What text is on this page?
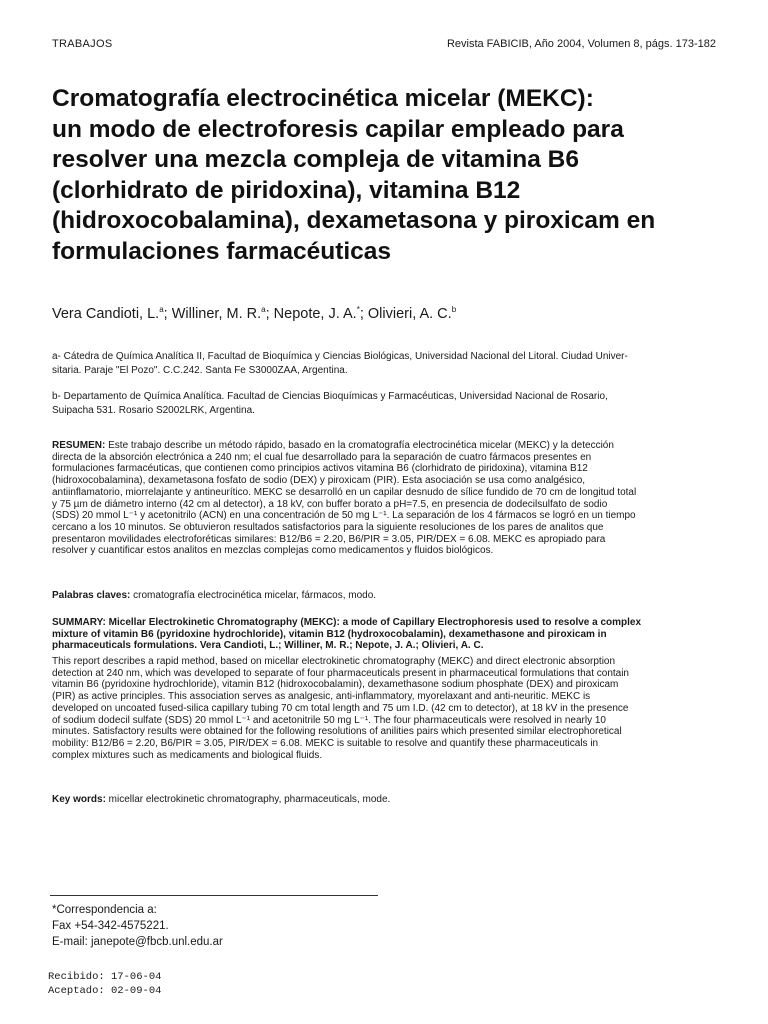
TRABAJOS	Revista FABICIB, Año 2004, Volumen 8, págs. 173-182
Cromatografía electrocinética micelar (MEKC):
un modo de electroforesis capilar empleado para
resolver una mezcla compleja de vitamina B6
(clorhidrato de piridoxina), vitamina B12
(hidroxocobalamina), dexametasona y piroxicam en
formulaciones farmacéuticas
Vera Candioti, L.$^a$; Williner, M. R.$^a$; Nepote, J. A.*; Olivieri, A. C.$^b$
a- Cátedra de Química Analítica II, Facultad de Bioquímica y Ciencias Biológicas, Universidad Nacional del Litoral. Ciudad Univer-
sitaria. Paraje "El Pozo". C.C.242. Santa Fe S3000ZAA, Argentina.
b- Departamento de Química Analítica. Facultad de Ciencias Bioquímicas y Farmacéuticas, Universidad Nacional de Rosario,
Suipacha 531. Rosario S2002LRK, Argentina.
RESUMEN: Este trabajo describe un método rápido, basado en la cromatografía electrocinética micelar (MEKC) y la detección
directa de la absorción electrónica a 240 nm; el cual fue desarrollado para la separación de cuatro fármacos presentes en
formulaciones farmacéuticas, que contienen como principios activos vitamina B6 (clorhidrato de piridoxina), vitamina B12
(hidroxocobalamina), dexametasona fosfato de sodio (DEX) y piroxicam (PIR). Esta asociación se usa como analgésico,
antiinflamatorio, miorrelajante y antineurítico. MEKC se desarrolló en un capilar desnudo de sílice fundido de 70 cm de longitud total
y 75 µm de diámetro interno (42 cm al detector), a 18 kV, con buffer borato a pH=7.5, en presencia de dodecilsulfato de sodio
(SDS) 20 mmol L⁻¹ y acetonitrilo (ACN) en una concentración de 50 mg L⁻¹. La separación de los 4 fármacos se logró en un tiempo
cercano a los 10 minutos. Se obtuvieron resultados satisfactorios para la siguiente resoluciones de los pares de analitos que
presentaron movilidades electroforéticas similares: B12/B6 = 2.20, B6/PIR = 3.05, PIR/DEX = 6.08. MEKC es apropiado para
resolver y cuantificar estos analitos en mezclas complejas como medicamentos y fluidos biológicos.
Palabras claves: cromatografía electrocinética micelar, fármacos, modo.
SUMMARY: Micellar Electrokinetic Chromatography (MEKC): a mode of Capillary Electrophoresis used to resolve a complex
mixture of vitamin B6 (pyridoxine hydrochloride), vitamin B12 (hydroxocobalamin), dexamethasone and piroxicam in
pharmaceuticals formulations. Vera Candioti, L.; Williner, M. R.; Nepote, J. A.; Olivieri, A. C.
This report describes a rapid method, based on micellar electrokinetic chromatography (MEKC) and direct electronic absorption
detection at 240 nm, which was developed to separate of four pharmaceuticals present in pharmaceutical formulations that contain
vitamin B6 (pyridoxine hydrochloride), vitamin B12 (hidroxocobalamin), dexamethasone sodium phosphate (DEX) and piroxicam
(PIR) as active principles. This association serves as analgesic, anti-inflammatory, myorelaxant and anti-neuritic. MEKC is
developed on uncoated fused-silica capillary tubing 70 cm total length and 75 um I.D. (42 cm to detector), at 18 kV in the presence
of sodium dodecil sulfate (SDS) 20 mmol L⁻¹ and acetonitrile 50 mg L⁻¹. The four pharmaceuticals were resolved in nearly 10
minutes. Satisfactory results were obtained for the following resolutions of anilities pairs which presented similar electrophoretical
mobility: B12/B6 = 2.20, B6/PIR = 3.05, PIR/DEX = 6.08. MEKC is suitable to resolve and quantify these pharmaceuticals in
complex mixtures such as medicaments and biological fluids.
Key words: micellar electrokinetic chromatography, pharmaceuticals, mode.
*Correspondencia a:
Fax +54-342-4575221.
E-mail: janepote@fbcb.unl.edu.ar
Recibido: 17-06-04
Aceptado: 02-09-04
